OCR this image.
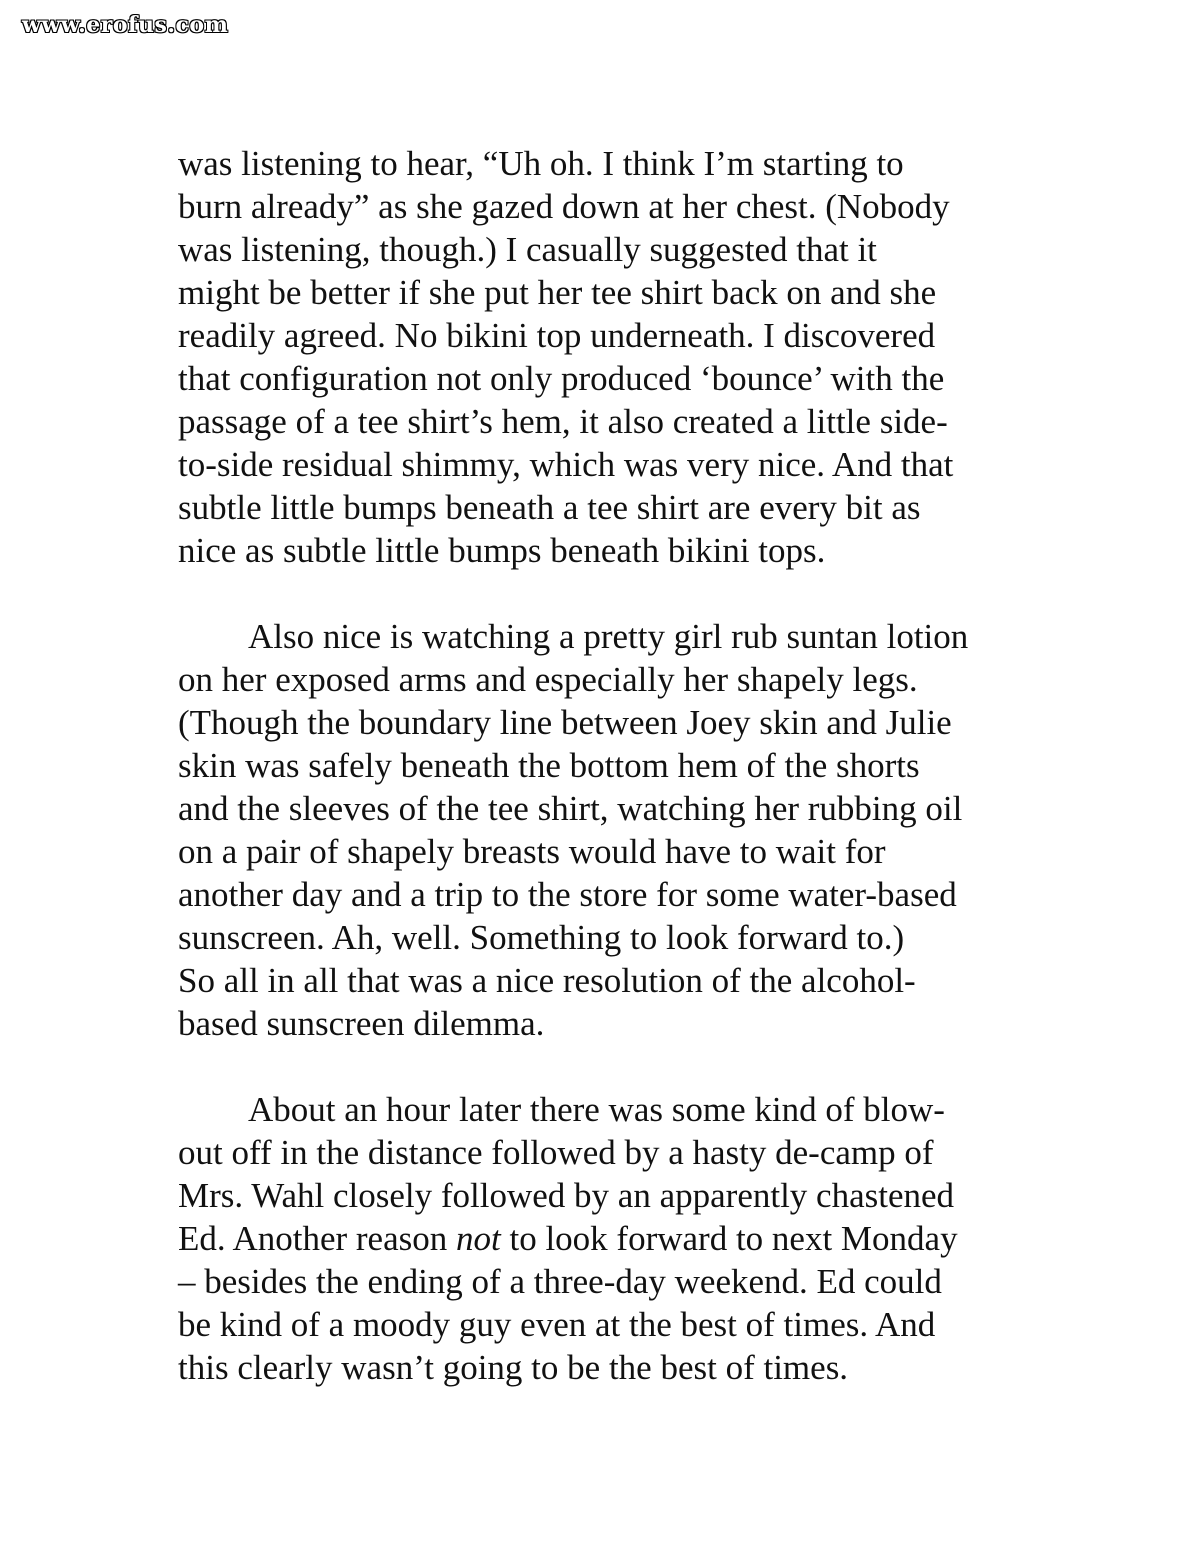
www.erofus.com
was listening to hear, “Uh oh. I think I’m starting to
burn already” as she gazed down at her chest. (Nobody
was listening, though.) I casually suggested that it
might be better if she put her tee shirt back on and she
readily agreed. No bikini top underneath. I discovered
that configuration not only produced ‘bounce’ with the
passage of a tee shirt’s hem, it also created a little side-
to-side residual shimmy, which was very nice. And that
subtle little bumps beneath a tee shirt are every bit as
nice as subtle little bumps beneath bikini tops.
Also nice is watching a pretty girl rub suntan lotion
on her exposed arms and especially her shapely legs.
(Though the boundary line between Joey skin and Julie
skin was safely beneath the bottom hem of the shorts
and the sleeves of the tee shirt, watching her rubbing oil
on a pair of shapely breasts would have to wait for
another day and a trip to the store for some water-based
sunscreen. Ah, well. Something to look forward to.)
So all in all that was a nice resolution of the alcohol-
based sunscreen dilemma.
About an hour later there was some kind of blow-
out off in the distance followed by a hasty de-camp of
Mrs. Wahl closely followed by an apparently chastened
Ed. Another reason not to look forward to next Monday
– besides the ending of a three-day weekend. Ed could
be kind of a moody guy even at the best of times. And
this clearly wasn’t going to be the best of times.
